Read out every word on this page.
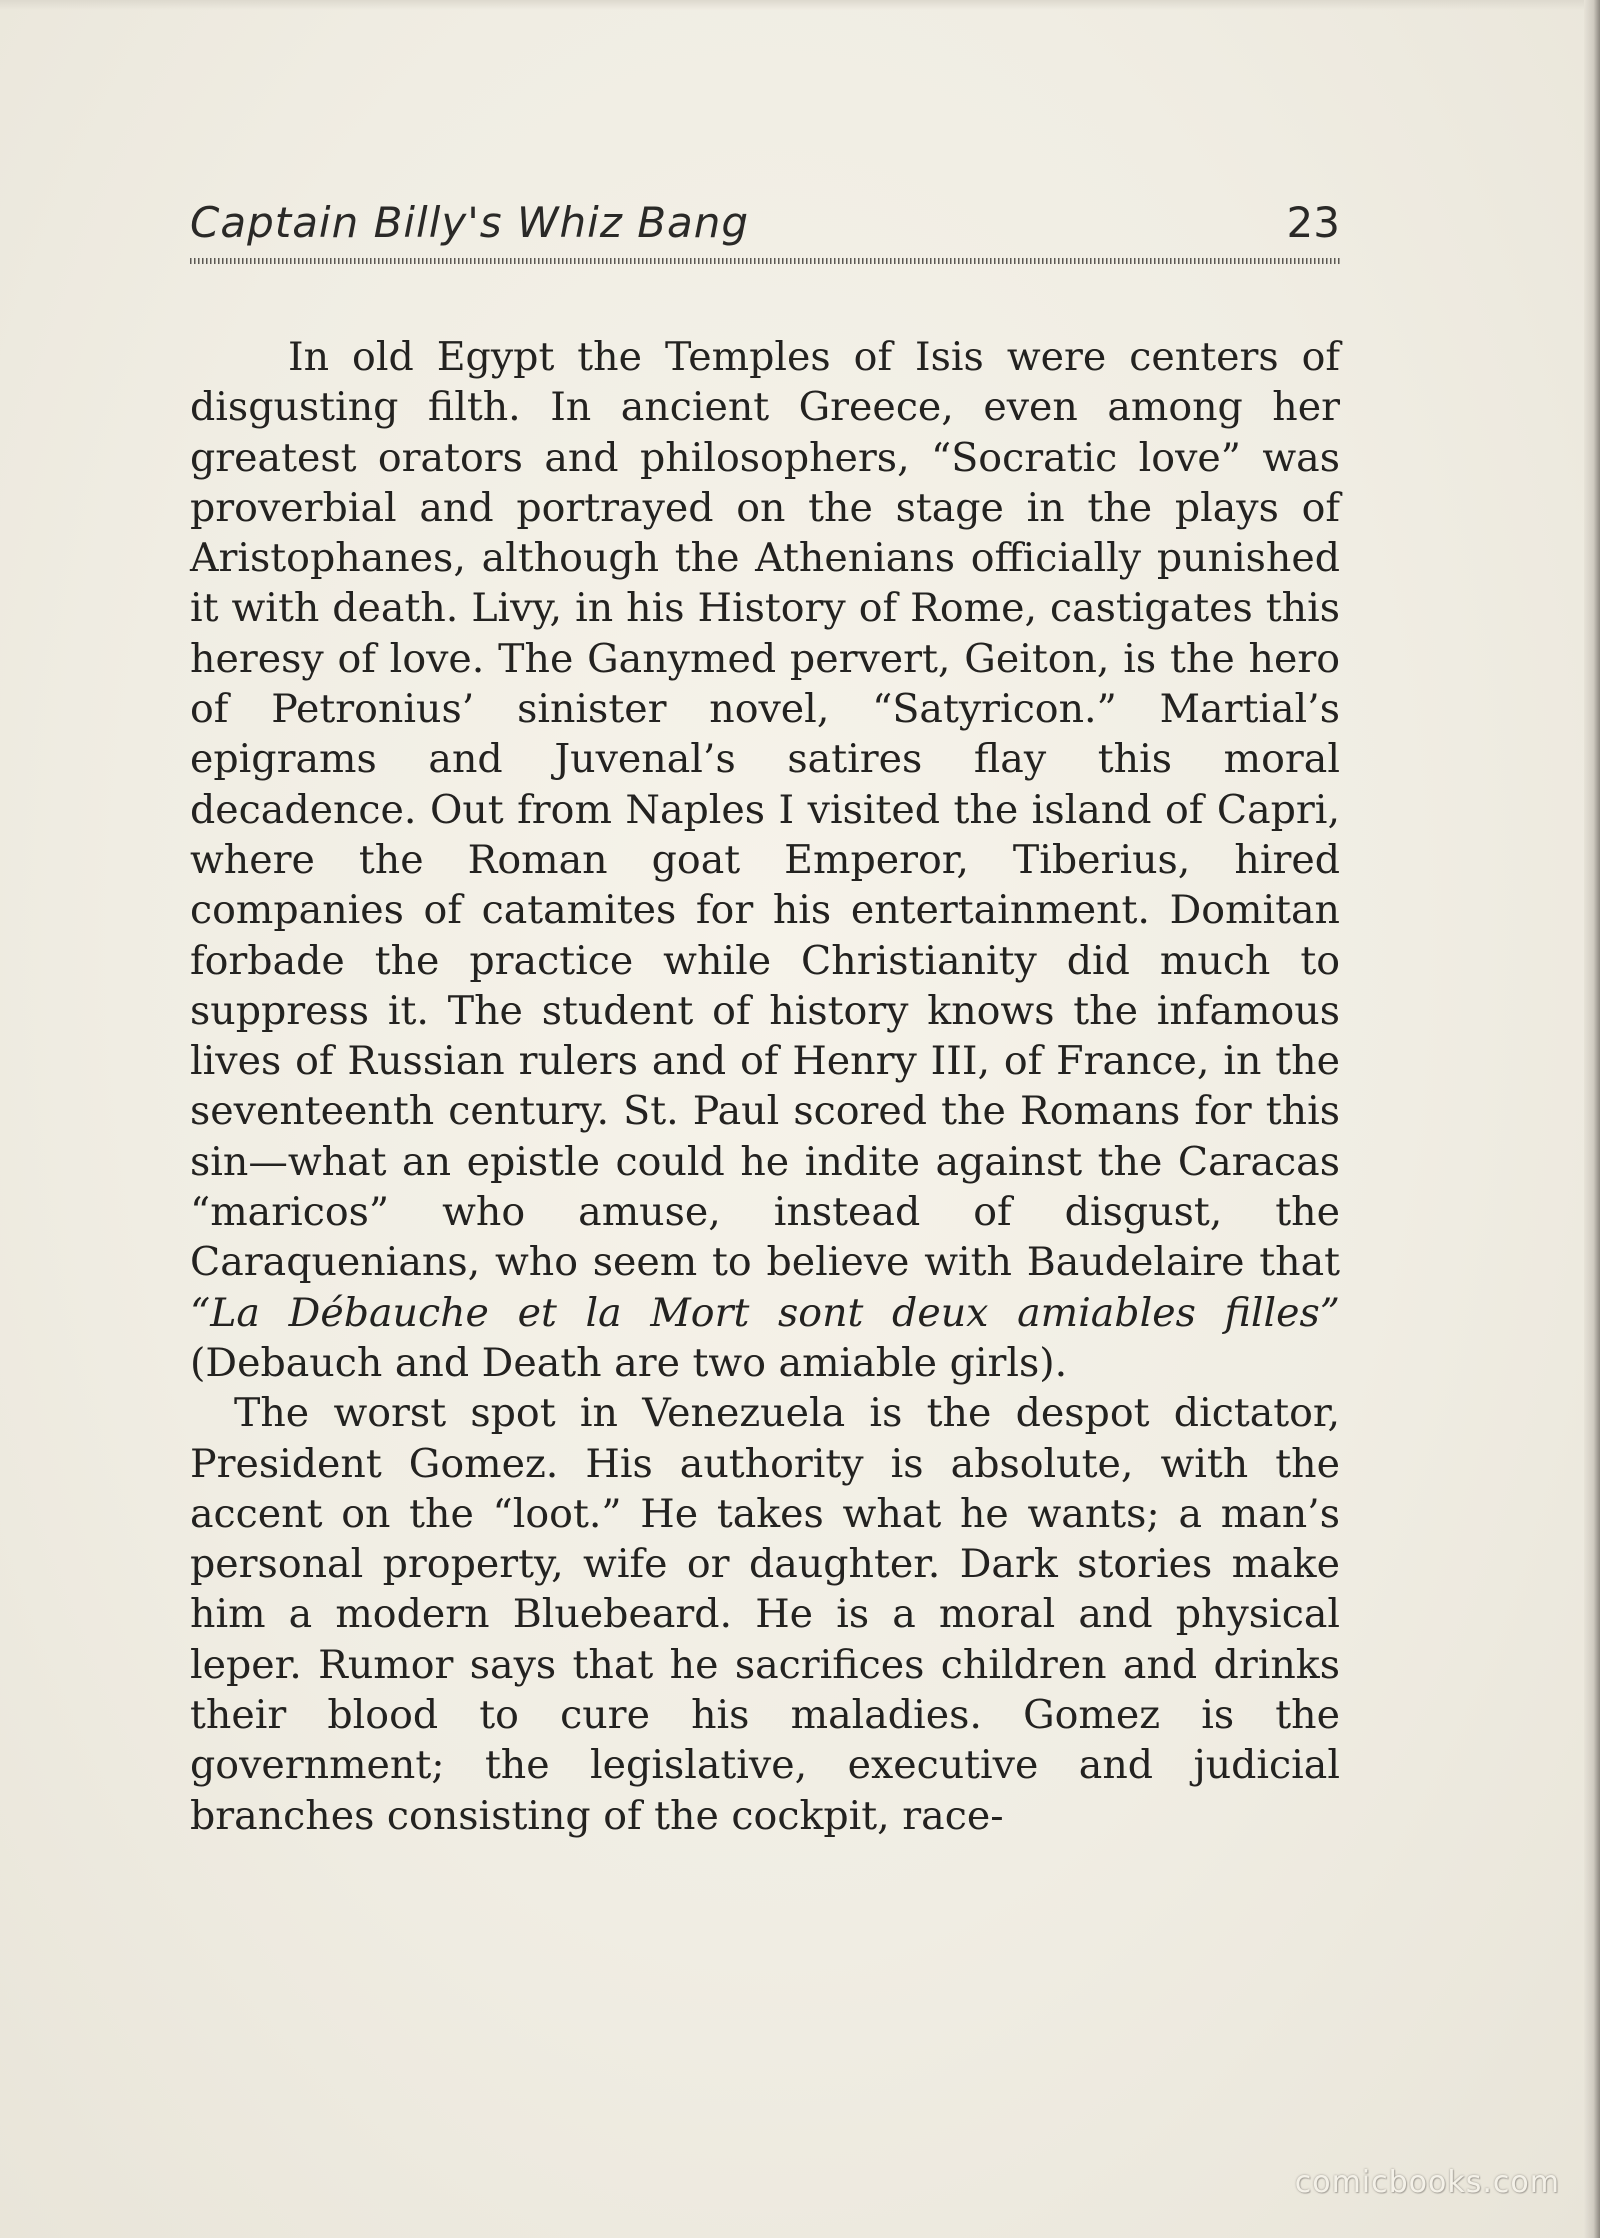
Captain Billy's Whiz Bang	23

In old Egypt the Temples of Isis were centers of disgusting filth. In ancient Greece, even among her greatest orators and philosophers, “Socratic love” was proverbial and portrayed on the stage in the plays of Aristophanes, although the Athenians officially punished it with death. Livy, in his History of Rome, castigates this heresy of love. The Ganymed pervert, Geiton, is the hero of Petronius’ sinister novel, “Satyricon.” Martial’s epigrams and Juvenal’s satires flay this moral decadence. Out from Naples I visited the island of Capri, where the Roman goat Emperor, Tiberius, hired companies of catamites for his entertainment. Domitan forbade the practice while Christianity did much to suppress it. The student of history knows the infamous lives of Russian rulers and of Henry III, of France, in the seventeenth century. St. Paul scored the Romans for this sin—what an epistle could he indite against the Caracas “maricos” who amuse, instead of disgust, the Caraquenians, who seem to believe with Baudelaire that “La Débauche et la Mort sont deux amiables filles” (Debauch and Death are two amiable girls).

The worst spot in Venezuela is the despot dictator, President Gomez. His authority is absolute, with the accent on the “loot.” He takes what he wants; a man’s personal property, wife or daughter. Dark stories make him a modern Bluebeard. He is a moral and physical leper. Rumor says that he sacrifices children and drinks their blood to cure his maladies. Gomez is the government; the legislative, executive and judicial branches consisting of the cockpit, race-

comicbooks.com
